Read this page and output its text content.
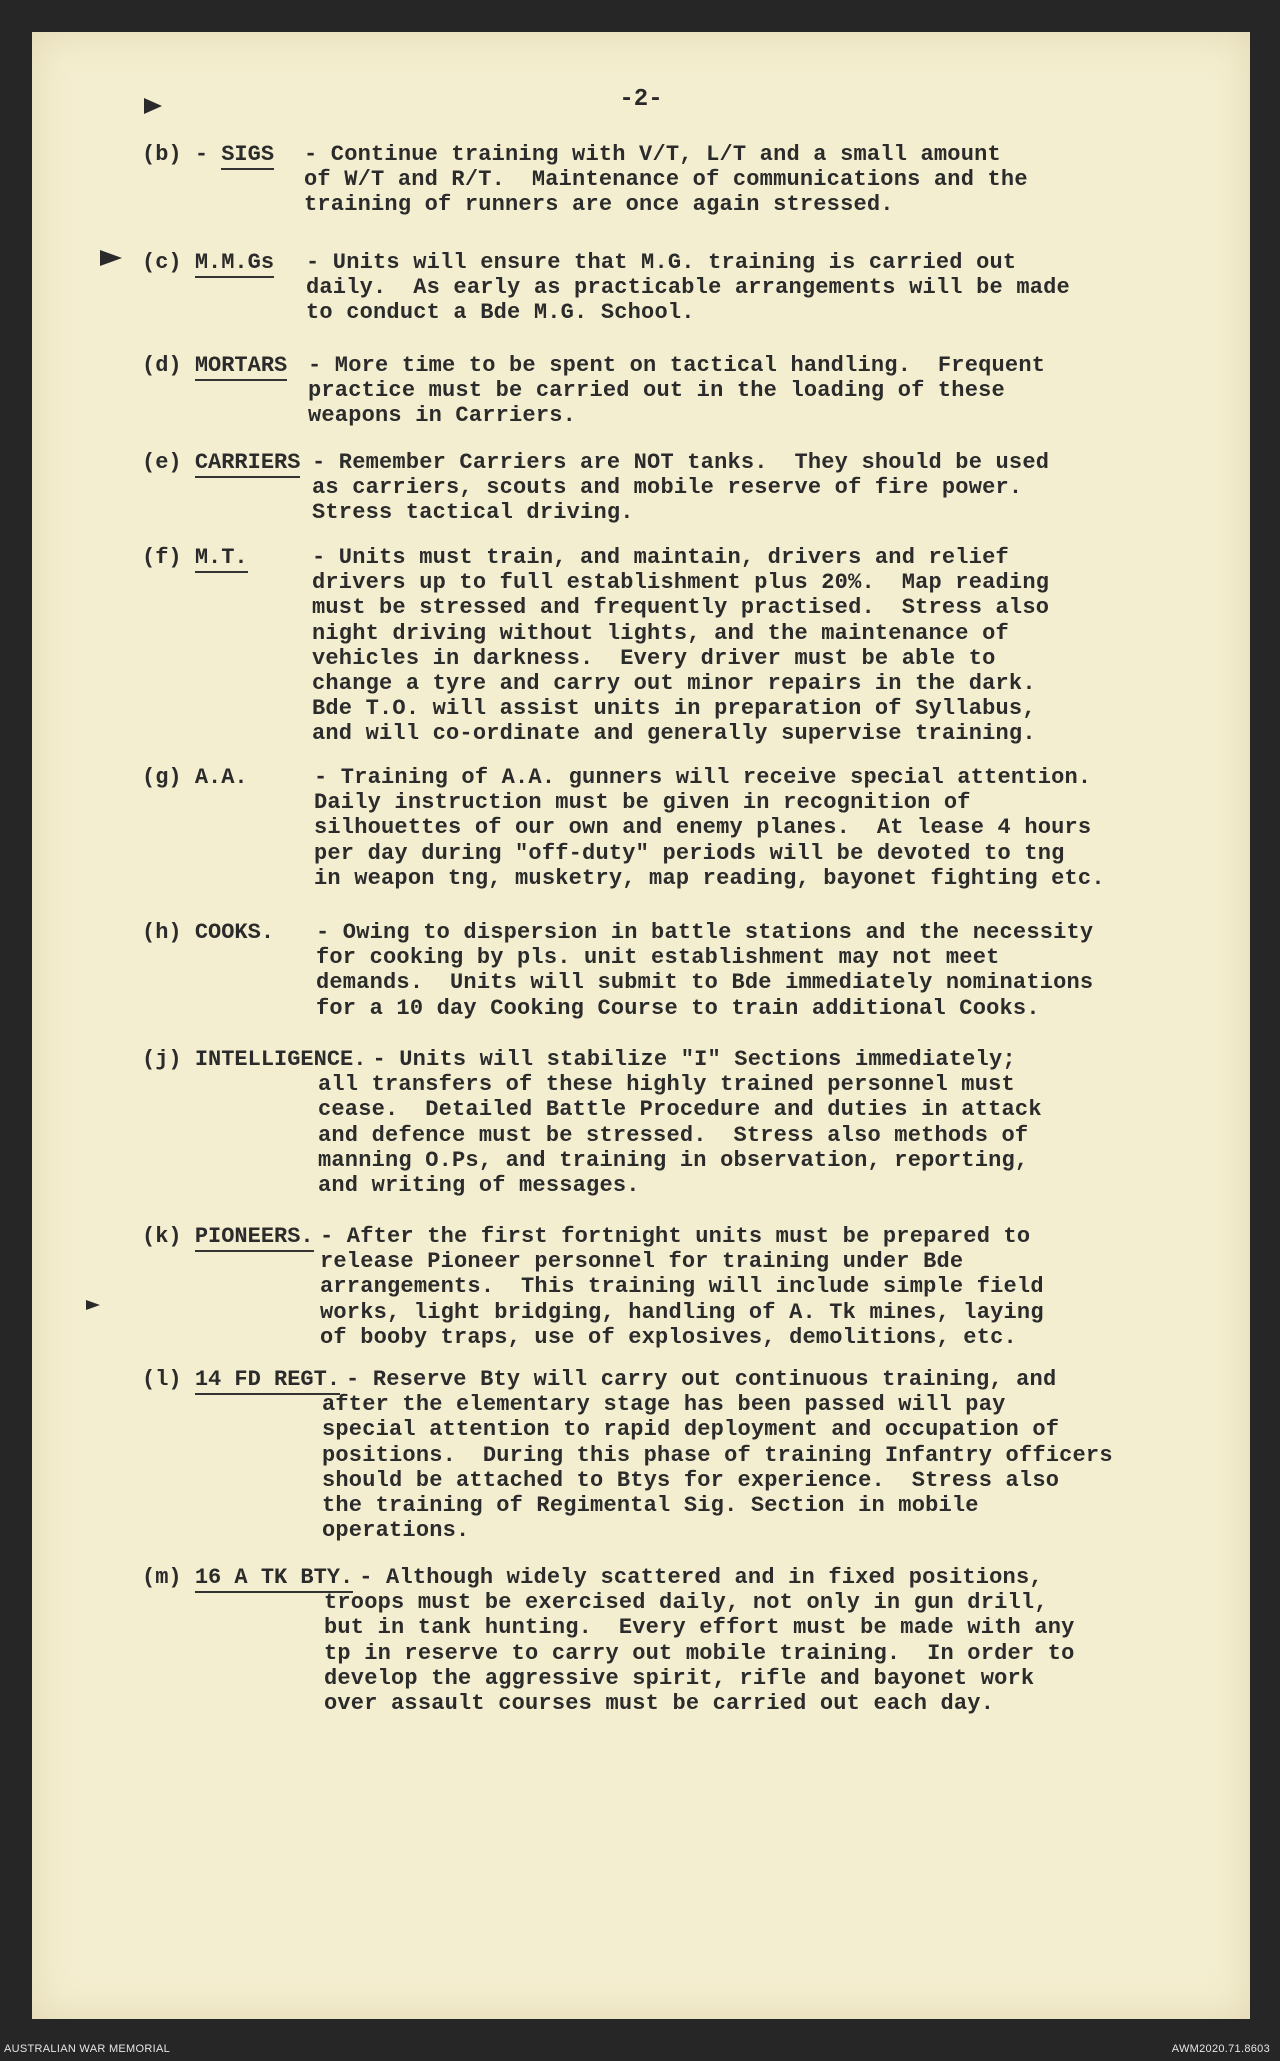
-2-
(b) - SIGS - Continue training with V/T, L/T and a small amount
of W/T and R/T.  Maintenance of communications and the
training of runners are once again stressed.
(c) M.M.Gs - Units will ensure that M.G. training is carried out
daily.  As early as practicable arrangements will be made
to conduct a Bde M.G. School.
(d) MORTARS - More time to be spent on tactical handling.  Frequent
practice must be carried out in the loading of these
weapons in Carriers.
(e) CARRIERS - Remember Carriers are NOT tanks.  They should be used
as carriers, scouts and mobile reserve of fire power.
Stress tactical driving.
(f) M.T.	- Units must train, and maintain, drivers and relief
drivers up to full establishment plus 20%.  Map reading
must be stressed and frequently practised.  Stress also
night driving without lights, and the maintenance of
vehicles in darkness.  Every driver must be able to
change a tyre and carry out minor repairs in the dark.
Bde T.O. will assist units in preparation of Syllabus,
and will co-ordinate and generally supervise training.
(g) A.A.	- Training of A.A. gunners will receive special attention.
Daily instruction must be given in recognition of
silhouettes of our own and enemy planes.  At lease 4 hours
per day during "off-duty" periods will be devoted to tng
in weapon tng, musketry, map reading, bayonet fighting etc.
(h) COOKS. - Owing to dispersion in battle stations and the necessity
for cooking by pls. unit establishment may not meet
demands.  Units will submit to Bde immediately nominations
for a 10 day Cooking Course to train additional Cooks.
(j) INTELLIGENCE. - Units will stabilize "I" Sections immediately;
all transfers of these highly trained personnel must
cease.  Detailed Battle Procedure and duties in attack
and defence must be stressed.  Stress also methods of
manning O.Ps, and training in observation, reporting,
and writing of messages.
(k) PIONEERS. - After the first fortnight units must be prepared to
release Pioneer personnel for training under Bde
arrangements.  This training will include simple field
works, light bridging, handling of A. Tk mines, laying
of booby traps, use of explosives, demolitions, etc.
(l) 14 FD REGT. - Reserve Bty will carry out continuous training, and
after the elementary stage has been passed will pay
special attention to rapid deployment and occupation of
positions.  During this phase of training Infantry officers
should be attached to Btys for experience.  Stress also
the training of Regimental Sig. Section in mobile
operations.
(m) 16 A TK BTY. - Although widely scattered and in fixed positions,
troops must be exercised daily, not only in gun drill,
but in tank hunting.  Every effort must be made with any
tp in reserve to carry out mobile training.  In order to
develop the aggressive spirit, rifle and bayonet work
over assault courses must be carried out each day.
AUSTRALIAN WAR MEMORIAL	AWM2020.71.8603
